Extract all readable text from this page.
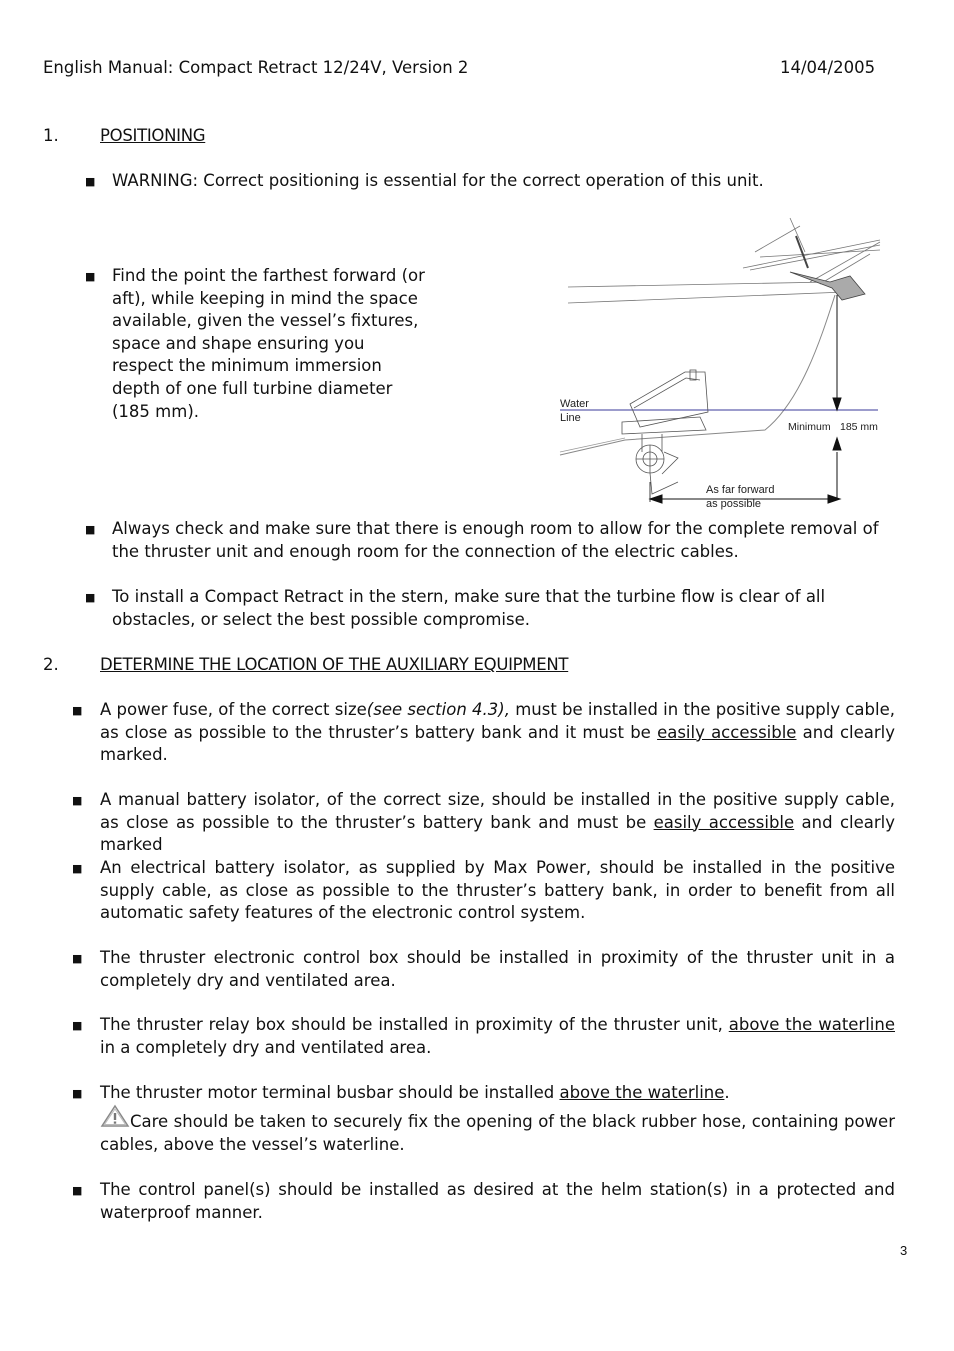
English Manual: Compact Retract 12/24V, Version 2	14/04/2005
1.	POSITIONING
■ WARNING: Correct positioning is essential for the correct operation of this unit.
■ Find the point the farthest forward (or aft), while keeping in mind the space available, given the vessel’s fixtures, space and shape ensuring you respect the minimum immersion depth of one full turbine diameter (185 mm).	Water
Line
Minimum 185 mm
As far forward
as possible
■ Always check and make sure that there is enough room to allow for the complete removal of the thruster unit and enough room for the connection of the electric cables.
■ To install a Compact Retract in the stern, make sure that the turbine flow is clear of all obstacles, or select the best possible compromise.
2.	DETERMINE THE LOCATION OF THE AUXILIARY EQUIPMENT
■ A power fuse, of the correct size(see section 4.3), must be installed in the positive supply cable, as close as possible to the thruster’s battery bank and it must be easily accessible and clearly marked.
■ A manual battery isolator, of the correct size, should be installed in the positive supply cable, as close as possible to the thruster’s battery bank and must be easily accessible and clearly marked
■ An electrical battery isolator, as supplied by Max Power, should be installed in the positive supply cable, as close as possible to the thruster’s battery bank, in order to benefit from all automatic safety features of the electronic control system.
■ The thruster electronic control box should be installed in proximity of the thruster unit in a completely dry and ventilated area.
■ The thruster relay box should be installed in proximity of the thruster unit, above the waterline in a completely dry and ventilated area.
■ The thruster motor terminal busbar should be installed above the waterline.
Care should be taken to securely fix the opening of the black rubber hose, containing power cables, above the vessel’s waterline.
■ The control panel(s) should be installed as desired at the helm station(s) in a protected and waterproof manner.
3
